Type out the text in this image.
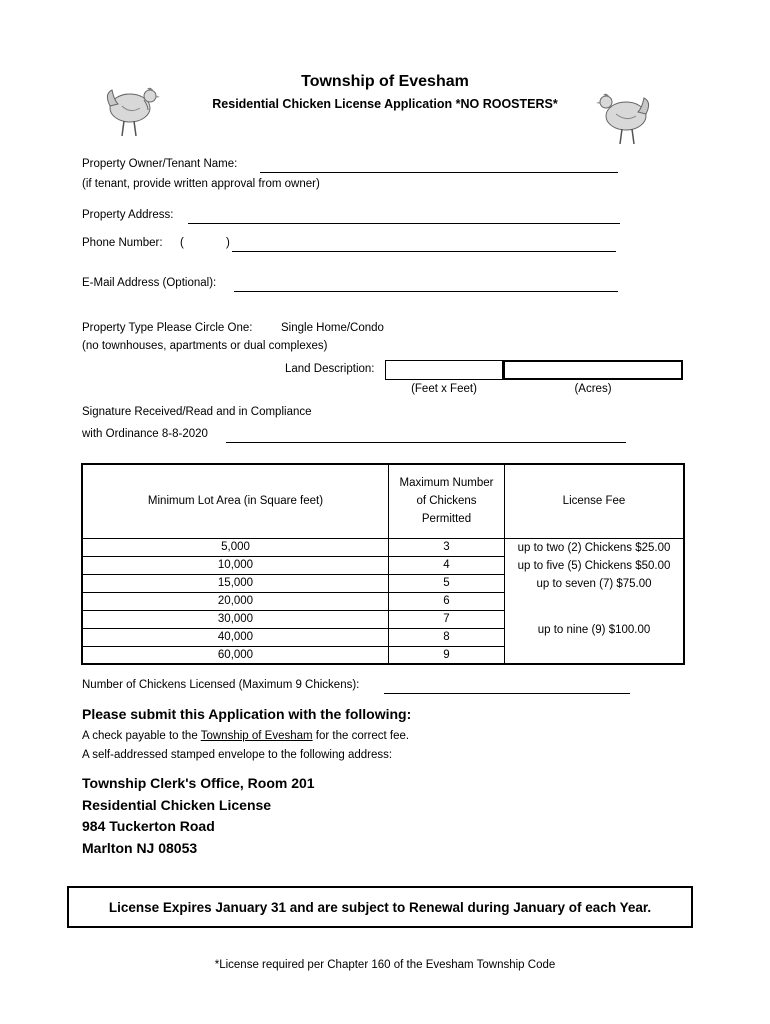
Township of Evesham
Residential Chicken License Application *NO ROOSTERS*
Property Owner/Tenant Name:
(if tenant, provide written approval from owner)
Property Address:
Phone Number: (	)
E-Mail Address (Optional):
Property Type Please Circle One: Single Home/Condo
(no townhouses, apartments or dual complexes)
Land Description:
(Feet x Feet)	(Acres)
Signature Received/Read and in Compliance
with Ordinance 8-8-2020
Minimum Lot Area (in Square feet)	Maximum Number
of Chickens
Permitted	License Fee
5,000	3	up to two (2) Chickens $25.00
up to five (5) Chickens $50.00
up to seven (7) $75.00
up to nine (9) $100.00

10,000	4	
15,000	5	
20,000	6	
30,000	7	
40,000	8	
60,000	9	
Number of Chickens Licensed (Maximum 9 Chickens):
Please submit this Application with the following:
A check payable to the Township of Evesham for the correct fee.
A self-addressed stamped envelope to the following address:
Township Clerk's Office, Room 201
Residential Chicken License
984 Tuckerton Road
Marlton NJ 08053
License Expires January 31 and are subject to Renewal during January of each Year.
*License required per Chapter 160 of the Evesham Township Code
